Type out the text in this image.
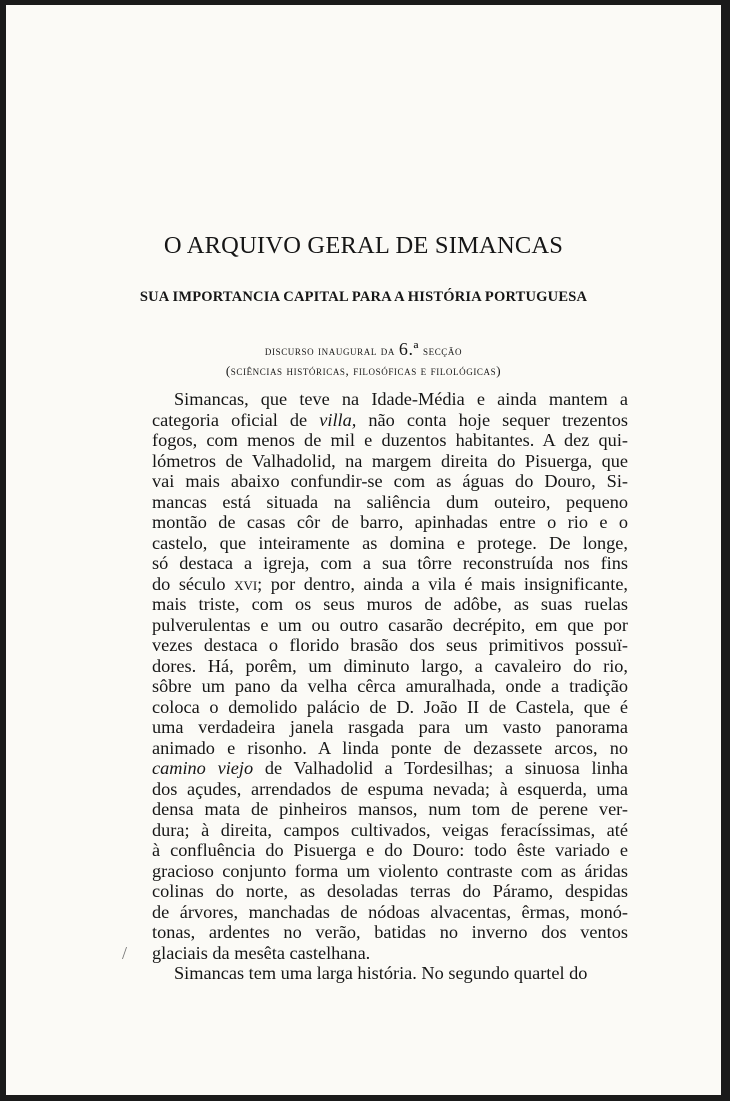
O ARQUIVO GERAL DE SIMANCAS
SUA IMPORTANCIA CAPITAL PARA A HISTÓRIA PORTUGUESA
discurso inaugural da 6.ª secção
(sciências históricas, filosóficas e filológicas)
Simancas, que teve na Idade-Média e ainda mantem a
categoria oficial de villa, não conta hoje sequer trezentos
fogos, com menos de mil e duzentos habitantes. A dez qui-
lómetros de Valhadolid, na margem direita do Pisuerga, que
vai mais abaixo confundir-se com as águas do Douro, Si-
mancas está situada na saliência dum outeiro, pequeno
montão de casas côr de barro, apinhadas entre o rio e o
castelo, que inteiramente as domina e protege. De longe,
só destaca a igreja, com a sua tôrre reconstruída nos fins
do século xvi; por dentro, ainda a vila é mais insignificante,
mais triste, com os seus muros de adôbe, as suas ruelas
pulverulentas e um ou outro casarão decrépito, em que por
vezes destaca o florido brasão dos seus primitivos possuï-
dores. Há, porêm, um diminuto largo, a cavaleiro do rio,
sôbre um pano da velha cêrca amuralhada, onde a tradição
coloca o demolido palácio de D. João II de Castela, que é
uma verdadeira janela rasgada para um vasto panorama
animado e risonho. A linda ponte de dezassete arcos, no
camino viejo de Valhadolid a Tordesilhas; a sinuosa linha
dos açudes, arrendados de espuma nevada; à esquerda, uma
densa mata de pinheiros mansos, num tom de perene ver-
dura; à direita, campos cultivados, veigas feracíssimas, até
à confluência do Pisuerga e do Douro: todo êste variado e
gracioso conjunto forma um violento contraste com as áridas
colinas do norte, as desoladas terras do Páramo, despidas
de árvores, manchadas de nódoas alvacentas, êrmas, monó-
tonas, ardentes no verão, batidas no inverno dos ventos
glaciais da mesêta castelhana.
Simancas tem uma larga história. No segundo quartel do
/
